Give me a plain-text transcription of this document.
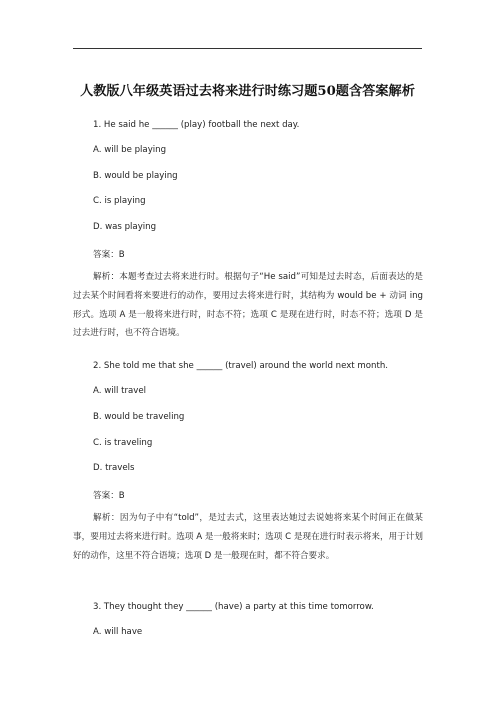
人教版八年级英语过去将来进行时练习题50题含答案解析
1. He said he ______ (play) football the next day.
A. will be playing
B. would be playing
C. is playing
D. was playing
答案：B
解析：本题考查过去将来进行时。根据句子“He said”可知是过去时态，后面表达的是过去某个时间看将来要进行的动作，要用过去将来进行时，其结构为 would be + 动词 ing 形式。选项 A 是一般将来进行时，时态不符；选项 C 是现在进行时，时态不符；选项 D 是过去进行时，也不符合语境。
2. She told me that she ______ (travel) around the world next month.
A. will travel
B. would be traveling
C. is traveling
D. travels
答案：B
解析：因为句子中有“told”，是过去式，这里表达她过去说她将来某个时间正在做某事，要用过去将来进行时。选项 A 是一般将来时；选项 C 是现在进行时表示将来，用于计划好的动作，这里不符合语境；选项 D 是一般现在时，都不符合要求。
3. They thought they ______ (have) a party at this time tomorrow.
A. will have
